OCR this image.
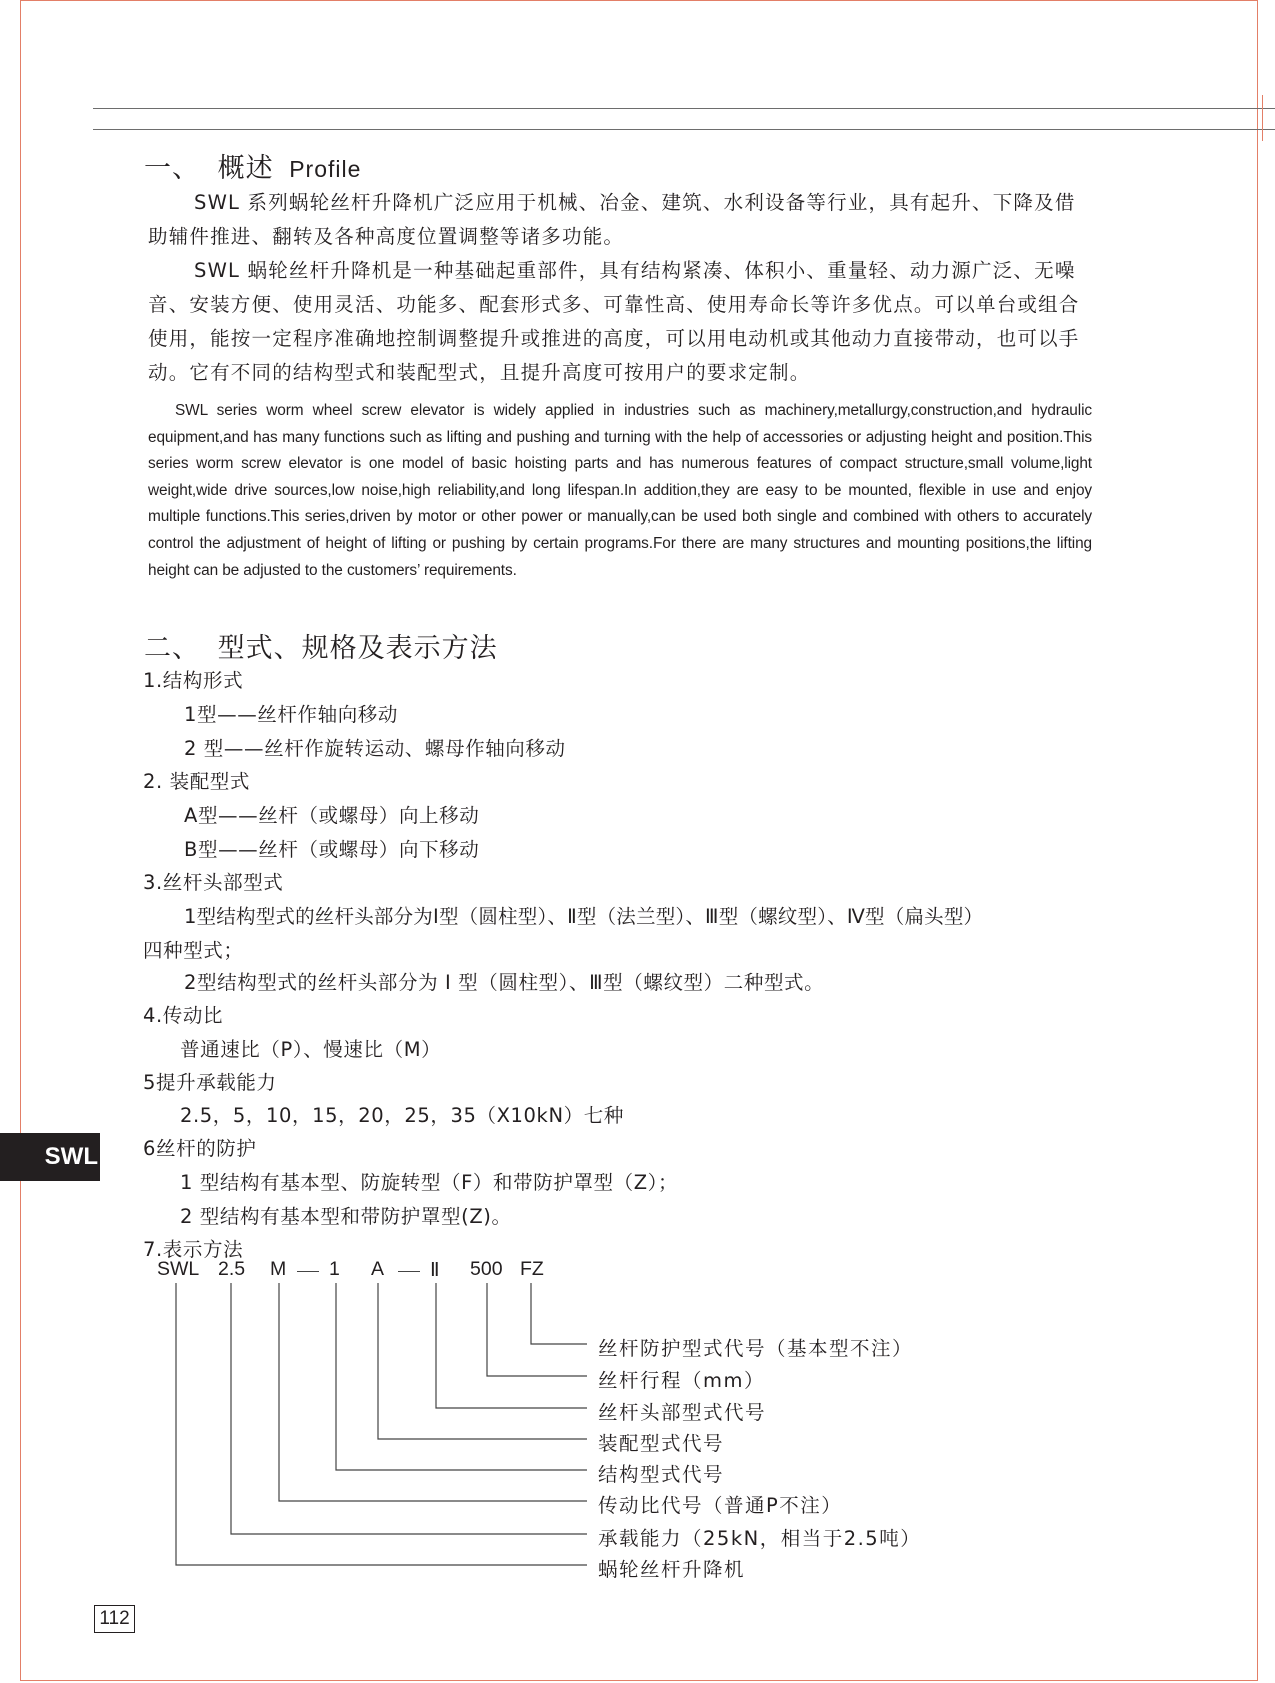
一、 概述 Profile

SWL 系列蜗轮丝杆升降机广泛应用于机械、冶金、建筑、水利设备等行业，具有起升、下降及借助辅件推进、翻转及各种高度位置调整等诸多功能。

SWL 蜗轮丝杆升降机是一种基础起重部件，具有结构紧凑、体积小、重量轻、动力源广泛、无噪音、安装方便、使用灵活、功能多、配套形式多、可靠性高、使用寿命长等许多优点。可以单台或组合使用，能按一定程序准确地控制调整提升或推进的高度，可以用电动机或其他动力直接带动，也可以手动。它有不同的结构型式和装配型式，且提升高度可按用户的要求定制。

SWL series worm wheel screw elevator is widely applied in industries such as machinery,metallurgy,construction,and hydraulic equipment,and has many functions such as lifting and pushing and turning with the help of accessories or adjusting height and position.This series worm screw elevator is one model of basic hoisting parts and has numerous features of compact structure,small volume,light weight,wide drive sources,low noise,high reliability,and long lifespan.In addition,they are easy to be mounted, flexible in use and enjoy multiple functions.This series,driven by motor or other power or manually,can be used both single and combined with others to accurately control the adjustment of height of lifting or pushing by certain programs.For there are many structures and mounting positions,the lifting height can be adjusted to the customers’ requirements.

二、 型式、规格及表示方法
1.结构形式
1型——丝杆作轴向移动
2 型——丝杆作旋转运动、螺母作轴向移动
2. 装配型式
A型——丝杆（或螺母）向上移动
B型——丝杆（或螺母）向下移动
3.丝杆头部型式
1型结构型式的丝杆头部分为Ⅰ型（圆柱型）、Ⅱ型（法兰型）、Ⅲ型（螺纹型）、Ⅳ型（扁头型）
四种型式；
2型结构型式的丝杆头部分为 Ⅰ 型（圆柱型）、Ⅲ型（螺纹型）二种型式。
4.传动比
普通速比（P）、慢速比（M）
5提升承载能力
2.5，5，10，15，20，25，35（X10kN）七种
6丝杆的防护
1 型结构有基本型、防旋转型（F）和带防护罩型（Z）；
2 型结构有基本型和带防护罩型(Z)。
7.表示方法
SWL 2.5 M 1 A Ⅱ 500 FZ
丝杆防护型式代号（基本型不注）
丝杆行程（mm）
丝杆头部型式代号
装配型式代号
结构型式代号
传动比代号（普通P不注）
承载能力（25kN，相当于2.5吨）
蜗轮丝杆升降机
SWL
112
